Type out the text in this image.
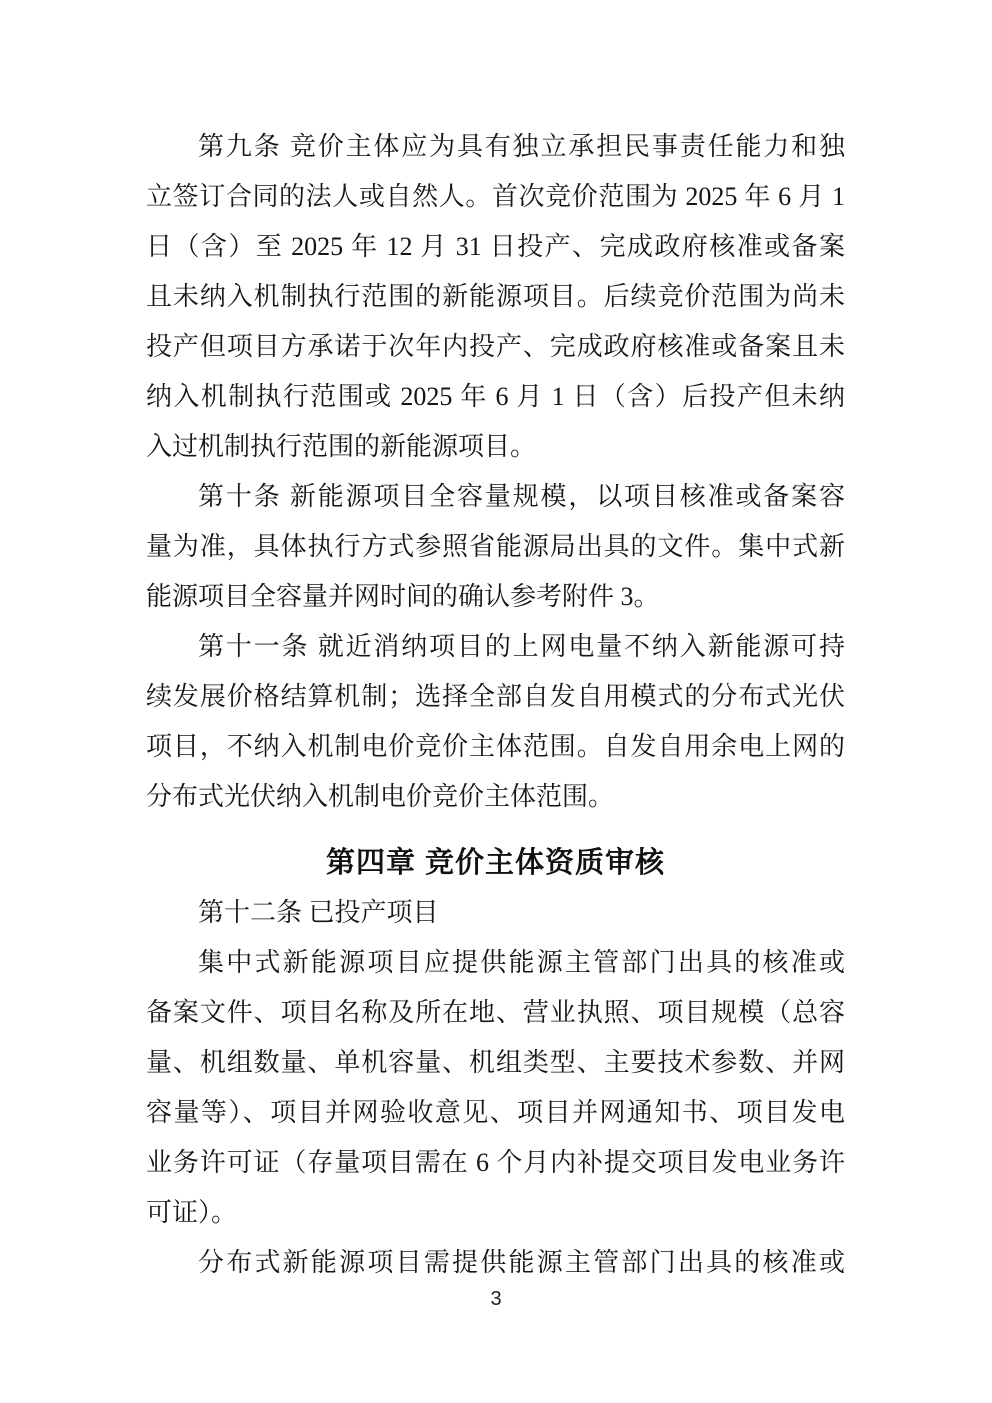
第九条 竞价主体应为具有独立承担民事责任能力和独
立签订合同的法人或自然人。首次竞价范围为 2025 年 6 月 1
日（含）至 2025 年 12 月 31 日投产、完成政府核准或备案
且未纳入机制执行范围的新能源项目。后续竞价范围为尚未
投产但项目方承诺于次年内投产、完成政府核准或备案且未
纳入机制执行范围或 2025 年 6 月 1 日（含）后投产但未纳
入过机制执行范围的新能源项目。
第十条 新能源项目全容量规模，以项目核准或备案容
量为准，具体执行方式参照省能源局出具的文件。集中式新
能源项目全容量并网时间的确认参考附件 3。
第十一条 就近消纳项目的上网电量不纳入新能源可持
续发展价格结算机制；选择全部自发自用模式的分布式光伏
项目，不纳入机制电价竞价主体范围。自发自用余电上网的
分布式光伏纳入机制电价竞价主体范围。
第四章 竞价主体资质审核
第十二条 已投产项目
集中式新能源项目应提供能源主管部门出具的核准或
备案文件、项目名称及所在地、营业执照、项目规模（总容
量、机组数量、单机容量、机组类型、主要技术参数、并网
容量等）、项目并网验收意见、项目并网通知书、项目发电
业务许可证（存量项目需在 6 个月内补提交项目发电业务许
可证）。
分布式新能源项目需提供能源主管部门出具的核准或
3
